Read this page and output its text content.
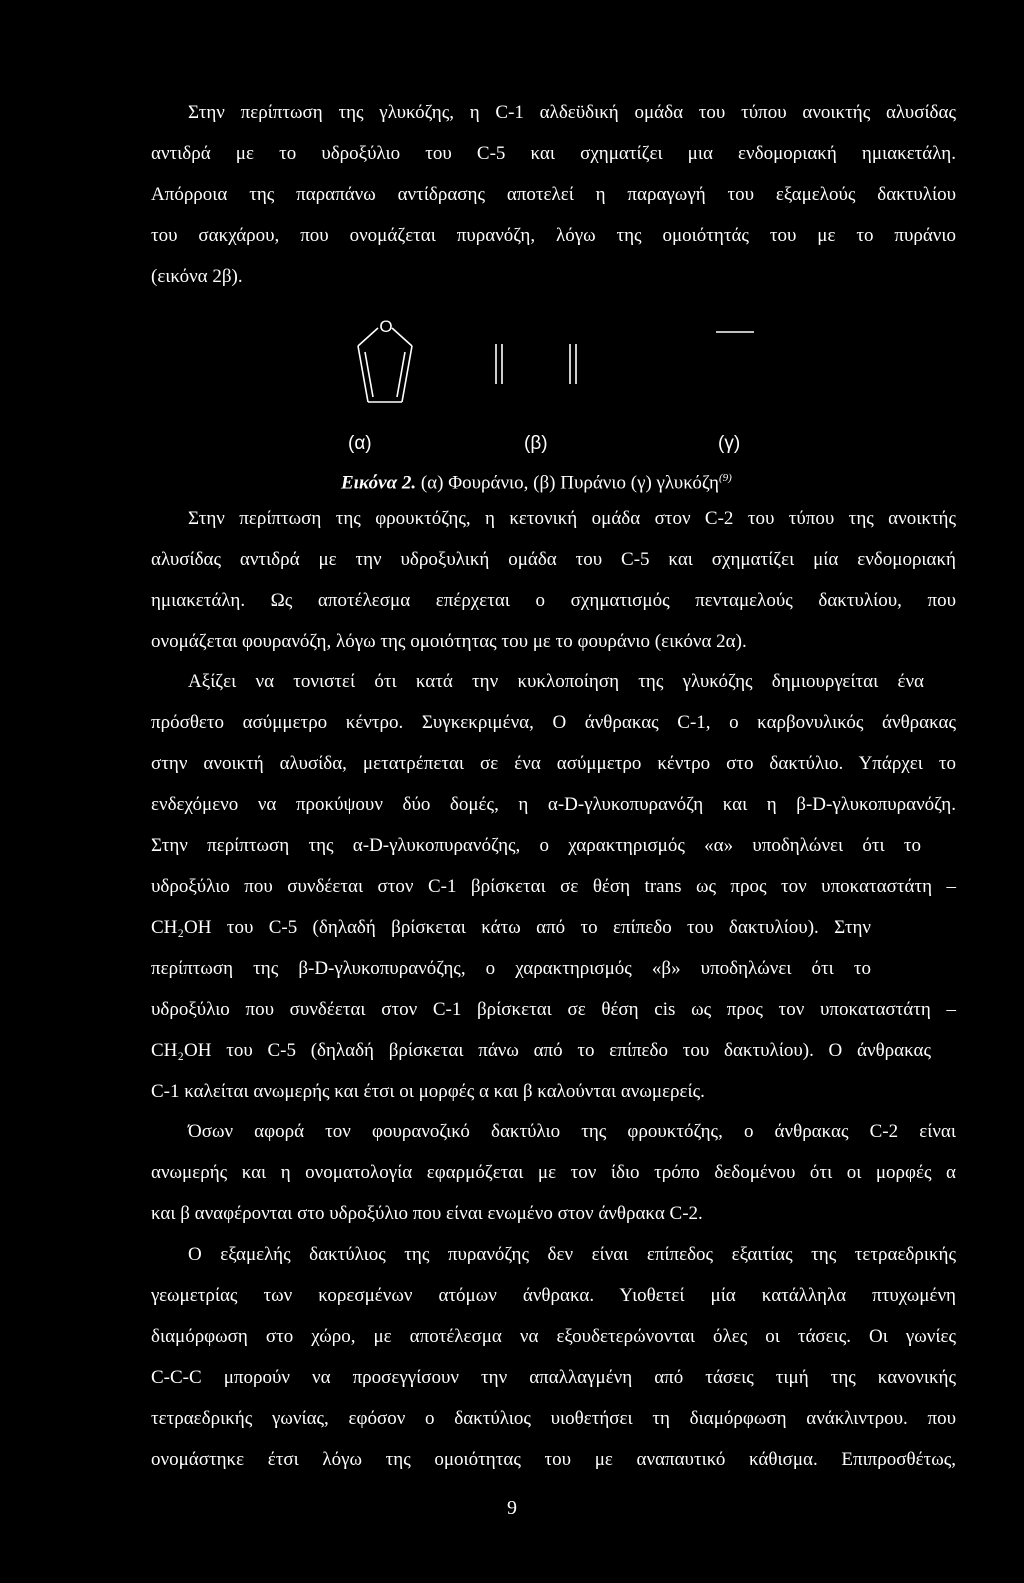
Στην περίπτωση της γλυκόζης, η C-1 αλδεϋδική ομάδα του τύπου ανοικτής αλυσίδας
αντιδρά με το υδροξύλιο του C-5 και σχηματίζει μια ενδομοριακή ημιακετάλη.
Απόρροια της παραπάνω αντίδρασης αποτελεί η παραγωγή του εξαμελούς δακτυλίου
του σακχάρου, που ονομάζεται πυρανόζη, λόγω της ομοιότητάς του με το πυράνιο
(εικόνα 2β).
O
(α)	(β)	(γ)
Εικόνα 2. (α) Φουράνιο, (β) Πυράνιο (γ) γλυκόζη$^{(9)}$
Στην περίπτωση της φρουκτόζης, η κετονική ομάδα στον C-2 του τύπου της ανοικτής
αλυσίδας αντιδρά με την υδροξυλική ομάδα του C-5 και σχηματίζει μία ενδομοριακή
ημιακετάλη. Ως αποτέλεσμα επέρχεται ο σχηματισμός πενταμελούς δακτυλίου, που
ονομάζεται φουρανόζη, λόγω της ομοιότητας του με το φουράνιο (εικόνα 2α).
Αξίζει να τονιστεί ότι κατά την κυκλοποίηση της γλυκόζης δημιουργείται ένα
πρόσθετο ασύμμετρο κέντρο. Συγκεκριμένα, Ο άνθρακας C-1, ο καρβονυλικός άνθρακας
στην ανοικτή αλυσίδα, μετατρέπεται σε ένα ασύμμετρο κέντρο στο δακτύλιο. Υπάρχει το
ενδεχόμενο να προκύψουν δύο δομές, η α-D-γλυκοπυρανόζη και η β-D-γλυκοπυρανόζη.
Στην περίπτωση της α-D-γλυκοπυρανόζης, ο χαρακτηρισμός «α» υποδηλώνει ότι το
υδροξύλιο που συνδέεται στον C-1 βρίσκεται σε θέση trans ως προς τον υποκαταστάτη –
CH₂OH του C-5 (δηλαδή βρίσκεται κάτω από το επίπεδο του δακτυλίου). Στην
περίπτωση της β-D-γλυκοπυρανόζης, ο χαρακτηρισμός «β» υποδηλώνει ότι το
υδροξύλιο που συνδέεται στον C-1 βρίσκεται σε θέση cis ως προς τον υποκαταστάτη –
CH₂OH του C-5 (δηλαδή βρίσκεται πάνω από το επίπεδο του δακτυλίου). Ο άνθρακας
C-1 καλείται ανωμερής και έτσι οι μορφές α και β καλούνται ανωμερείς.
Όσων αφορά τον φουρανοζικό δακτύλιο της φρουκτόζης, ο άνθρακας C-2 είναι
ανωμερής και η ονοματολογία εφαρμόζεται με τον ίδιο τρόπο δεδομένου ότι οι μορφές α
και β αναφέρονται στο υδροξύλιο που είναι ενωμένο στον άνθρακα C-2.
Ο εξαμελής δακτύλιος της πυρανόζης δεν είναι επίπεδος εξαιτίας της τετραεδρικής
γεωμετρίας των κορεσμένων ατόμων άνθρακα. Υιοθετεί μία κατάλληλα πτυχωμένη
διαμόρφωση στο χώρο, με αποτέλεσμα να εξουδετερώνονται όλες οι τάσεις. Οι γωνίες
C-C-C μπορούν να προσεγγίσουν την απαλλαγμένη από τάσεις τιμή της κανονικής
τετραεδρικής γωνίας, εφόσον ο δακτύλιος υιοθετήσει τη διαμόρφωση ανάκλιντρου. που
ονομάστηκε έτσι λόγω της ομοιότητας του με αναπαυτικό κάθισμα. Επιπροσθέτως,
9
